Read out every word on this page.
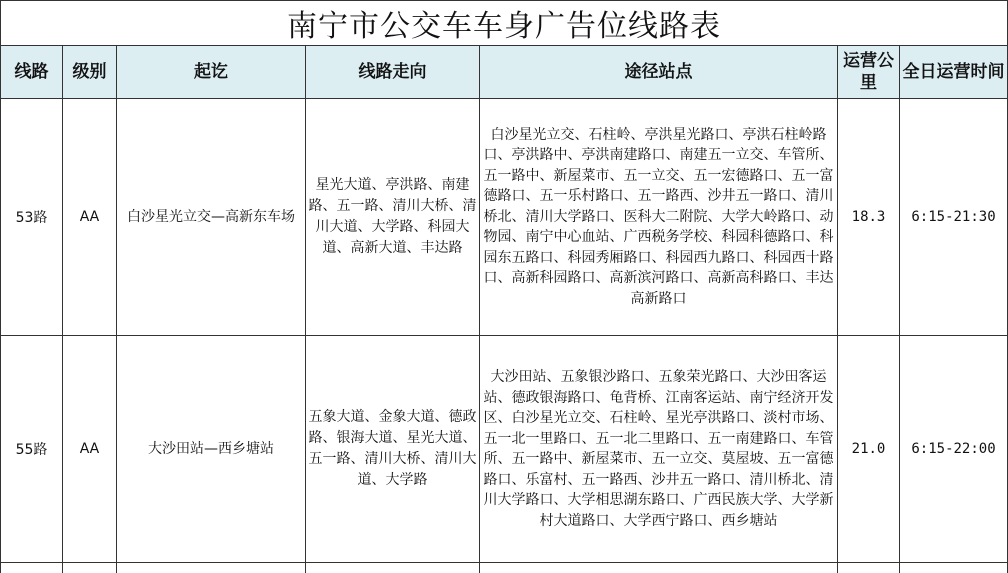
南宁市公交车车身广告位线路表						
线路	级别	起讫	线路走向	途径站点	运营公里	全日运营时间
53路	AA	白沙星光立交—高新东车场	星光大道、亭洪路、南建路、五一路、清川大桥、清川大道、大学路、科园大道、高新大道、丰达路	白沙星光立交、石柱岭、亭洪星光路口、亭洪石柱岭路口、亭洪路中、亭洪南建路口、南建五一立交、车管所、五一路中、新屋菜市、五一立交、五一宏德路口、五一富德路口、五一乐村路口、五一路西、沙井五一路口、清川桥北、清川大学路口、医科大二附院、大学大岭路口、动物园、南宁中心血站、广西税务学校、科园科德路口、科园东五路口、科园秀厢路口、科园西九路口、科园西十路口、高新科园路口、高新滨河路口、高新高科路口、丰达高新路口	18.3	6:15-21:30
55路	AA	大沙田站—西乡塘站	五象大道、金象大道、德政路、银海大道、星光大道、五一路、清川大桥、清川大道、大学路	大沙田站、五象银沙路口、五象荣光路口、大沙田客运站、德政银海路口、龟背桥、江南客运站、南宁经济开发区、白沙星光立交、石柱岭、星光亭洪路口、淡村市场、五一北一里路口、五一北二里路口、五一南建路口、车管所、五一路中、新屋菜市、五一立交、莫屋坡、五一富德路口、乐富村、五一路西、沙井五一路口、清川桥北、清川大学路口、大学相思湖东路口、广西民族大学、大学新村大道路口、大学西宁路口、西乡塘站	21.0	6:15-22:00
